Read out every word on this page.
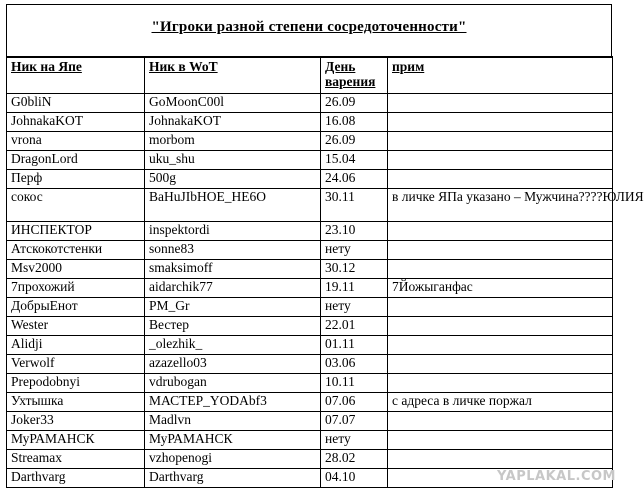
"Игроки разной степени сосредоточенности"
Ник на Япе	Ник в WoT	День варения	прим
G0bliN	GoMoonC00l	26.09	
JohnakaKOT	JohnakaKOT	16.08	
vrona	morbom	26.09	
DragonLord	uku_shu	15.04	
Перф	500g	24.06	
сокос	BaHuJIbHOE_HE6O	30.11	в личке ЯПа указано – Мужчина????ЮЛИЯ
ИНСПЕКТОР	inspektordi	23.10	
Атскокотстенки	sonne83	нету	
Msv2000	smaksimoff	30.12	
7прохожий	aidarchik77	19.11	7Йожыганфас
ДобрыЕнот	PM_Gr	нету	
Wester	Вестер	22.01	
Alidji	_olezhik_	01.11	
Verwolf	azazello03	03.06	
Prepodobnyi	vdrubogan	10.11	
Ухтышка	МАСТЕР_YODAbf3	07.06	с адреса в личке поржал
Joker33	Madlvn	07.07	
МуРАМАНСК	МуРАМАНСК	нету	
Streamax	vzhopenogi	28.02	
Darthvarg	Darthvarg	04.10		YAPLAKAL.COM
